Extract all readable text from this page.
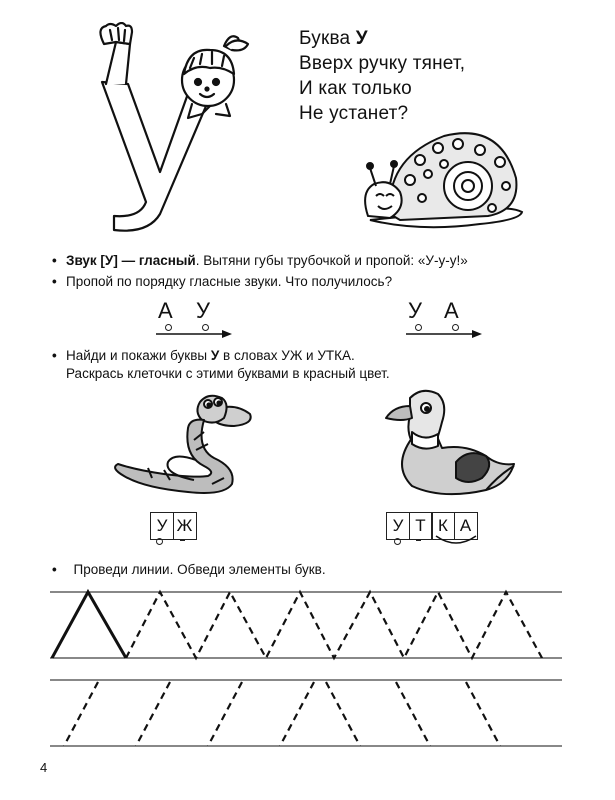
Буква У
Вверх ручку тянет,
И как только
Не устанет?
• Звук [У] — гласный. Вытяни губы трубочкой и пропой: «У-у-у!»
• Пропой по порядку гласные звуки. Что получилось?
А У	У А
• Найди и покажи буквы У в словах УЖ и УТКА.
Раскрась клеточки с этими буквами в красный цвет.
У Ж	У Т К А
• Проведи линии. Обведи элементы букв.
4
